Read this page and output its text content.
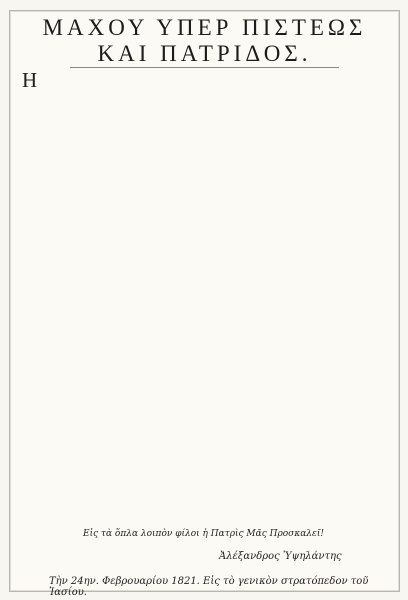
ΜΑΧΟΥ ΥΠΕΡ ΠΙΣΤΕΩΣ
ΚΑΙ ΠΑΤΡΙΔΟΣ.

Η

Εἰς τὰ ὅπλα λοιπὸν φίλοι ἡ Πατρὶς Μᾶς Προσκαλεῖ!
Ἀλέξανδρος Ὑψηλάντης
Τὴν 24ην. Φεβρουαρίου 1821. Εἰς τὸ γενικὸν στρατόπεδον τοῦ Ἰασίου.
